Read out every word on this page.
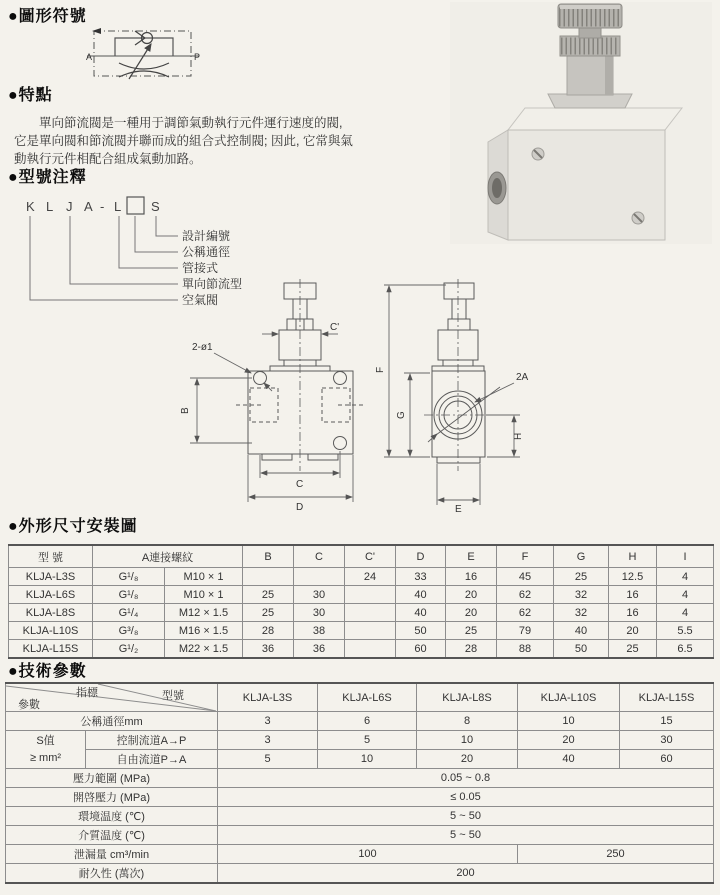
●圖形符號
A	P
●特點

單向節流閥是一種用于調節氣動執行元件運行速度的閥, 它是單向閥和節流閥并聯而成的組合式控制閥; 因此, 它常與氣動執行元件相配合組成氣動加路。

●型號注釋
K L J A - L S
設計編號
公稱通徑
管接式
單向節流型
空氣閥
C'
B
C
D
2-ø1
F
G
H
E
2A
●外形尺寸安裝圖
型 號	A連接螺紋		B	C	C'	D	E	F	G	H	I
KLJA-L3S	G¹/₈	M10 × 1			24	33	16	45	25	12.5	4
KLJA-L6S	G¹/₈	M10 × 1	25	30		40	20	62	32	16	4
KLJA-L8S	G¹/₄	M12 × 1.5	25	30		40	20	62	32	16	4
KLJA-L10S	G³/₈	M16 × 1.5	28	38		50	25	79	40	20	5.5
KLJA-L15S	G¹/₂	M22 × 1.5	36	36		60	28	88	50	25	6.5
●技術參數
指標 型號
參數		KLJA-L3S	KLJA-L6S	KLJA-L8S	KLJA-L10S	KLJA-L15S
公稱通徑mm		3	6	8	10	15

S值
≥ mm²	控制流道A→P	3	5	10	20	30
	自由流道P→A	5	10	20	40	60
壓力範圍 (MPa)		0.05 ~ 0.8				
開啓壓力 (MPa)		≤ 0.05				
環境温度 (℃)		5 ~ 50				
介質温度 (℃)		5 ~ 50				
泄漏量 cm³/min		100			250	
耐久性 (萬次)		200				
